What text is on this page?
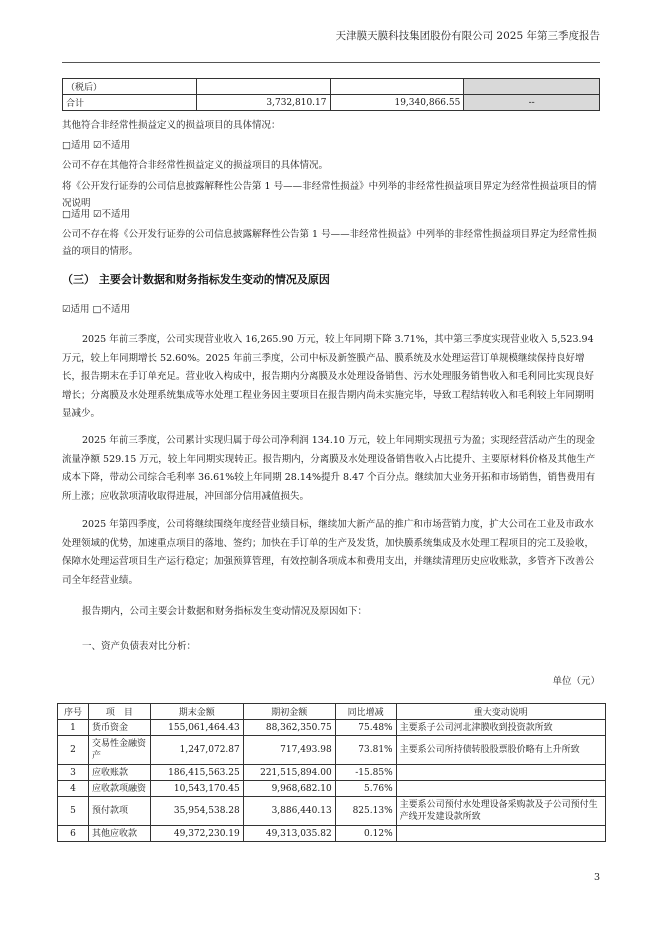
天津膜天膜科技集团股份有限公司 2025 年第三季度报告
（税后）			
合计	3,732,810.17	19,340,866.55	--
其他符合非经常性损益定义的损益项目的具体情况：
□适用 ☑不适用
公司不存在其他符合非经常性损益定义的损益项目的具体情况。
将《公开发行证券的公司信息披露解释性公告第 1 号——非经常性损益》中列举的非经常性损益项目界定为经常性损益项目的情况说明
□适用 ☑不适用
公司不存在将《公开发行证券的公司信息披露解释性公告第 1 号——非经常性损益》中列举的非经常性损益项目界定为经常性损益的项目的情形。
（三） 主要会计数据和财务指标发生变动的情况及原因
☑适用 □不适用
2025 年前三季度，公司实现营业收入 16,265.90 万元，较上年同期下降 3.71%，其中第三季度实现营业收入 5,523.94 万元，较上年同期增长 52.60%。2025 年前三季度，公司中标及新签膜产品、膜系统及水处理运营订单规模继续保持良好增长，报告期末在手订单充足。营业收入构成中，报告期内分离膜及水处理设备销售、污水处理服务销售收入和毛利同比实现良好增长；分离膜及水处理系统集成等水处理工程业务因主要项目在报告期内尚未实施完毕，导致工程结转收入和毛利较上年同期明显减少。
2025 年前三季度，公司累计实现归属于母公司净利润 134.10 万元，较上年同期实现扭亏为盈；实现经营活动产生的现金流量净额 529.15 万元，较上年同期实现转正。报告期内，分离膜及水处理设备销售收入占比提升、主要原材料价格及其他生产成本下降，带动公司综合毛利率 36.61%较上年同期 28.14%提升 8.47 个百分点。继续加大业务开拓和市场销售，销售费用有所上涨；应收款项清收取得进展，冲回部分信用减值损失。
2025 年第四季度，公司将继续围绕年度经营业绩目标，继续加大新产品的推广和市场营销力度，扩大公司在工业及市政水处理领域的优势，加速重点项目的落地、签约；加快在手订单的生产及发货，加快膜系统集成及水处理工程项目的完工及验收，保障水处理运营项目生产运行稳定；加强预算管理，有效控制各项成本和费用支出，并继续清理历史应收账款，多管齐下改善公司全年经营业绩。
报告期内，公司主要会计数据和财务指标发生变动情况及原因如下：
一、资产负债表对比分析：
单位（元）
序号	项　目	期末金额	期初金额	同比增减	重大变动说明
1	货币资金	155,061,464.43	88,362,350.75	75.48%	主要系子公司河北津膜收到投资款所致
2	交易性金融资产	1,247,072.87	717,493.98	73.81%	主要系公司所持债转股股票股价略有上升所致
3	应收账款	186,415,563.25	221,515,894.00	-15.85%	
4	应收款项融资	10,543,170.45	9,968,682.10	5.76%	
5	预付款项	35,954,538.28	3,886,440.13	825.13%	主要系公司预付水处理设备采购款及子公司预付生产线开发建设款所致
6	其他应收款	49,372,230.19	49,313,035.82	0.12%	
3
